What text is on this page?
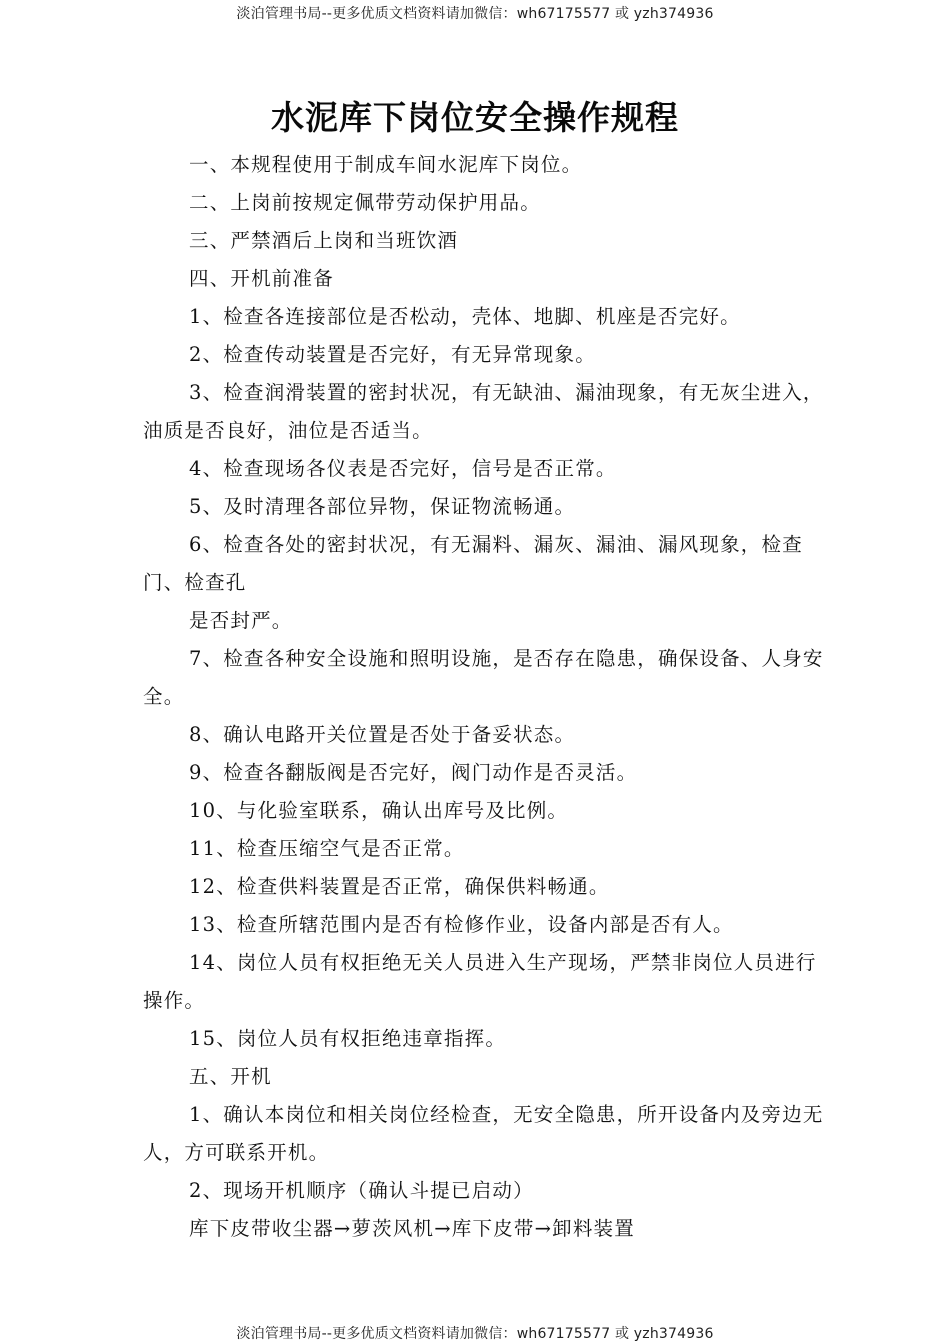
淡泊管理书局--更多优质文档资料请加微信：wh67175577 或 yzh374936
水泥库下岗位安全操作规程

一、本规程使用于制成车间水泥库下岗位。

二、上岗前按规定佩带劳动保护用品。

三、严禁酒后上岗和当班饮酒

四、开机前准备

1、检查各连接部位是否松动，壳体、地脚、机座是否完好。

2、检查传动装置是否完好，有无异常现象。

3、检查润滑装置的密封状况，有无缺油、漏油现象，有无灰尘进入，油质是否良好，油位是否适当。

4、检查现场各仪表是否完好，信号是否正常。

5、及时清理各部位异物，保证物流畅通。

6、检查各处的密封状况，有无漏料、漏灰、漏油、漏风现象，检查门、检查孔

是否封严。

7、检查各种安全设施和照明设施，是否存在隐患，确保设备、人身安全。

8、确认电路开关位置是否处于备妥状态。

9、检查各翻版阀是否完好，阀门动作是否灵活。

10、与化验室联系，确认出库号及比例。

11、检查压缩空气是否正常。

12、检查供料装置是否正常，确保供料畅通。

13、检查所辖范围内是否有检修作业，设备内部是否有人。

14、岗位人员有权拒绝无关人员进入生产现场，严禁非岗位人员进行操作。

15、岗位人员有权拒绝违章指挥。

五、开机

1、确认本岗位和相关岗位经检查，无安全隐患，所开设备内及旁边无人，方可联系开机。

2、现场开机顺序（确认斗提已启动）

库下皮带收尘器→萝茨风机→库下皮带→卸料装置

淡泊管理书局--更多优质文档资料请加微信：wh67175577 或 yzh374936
